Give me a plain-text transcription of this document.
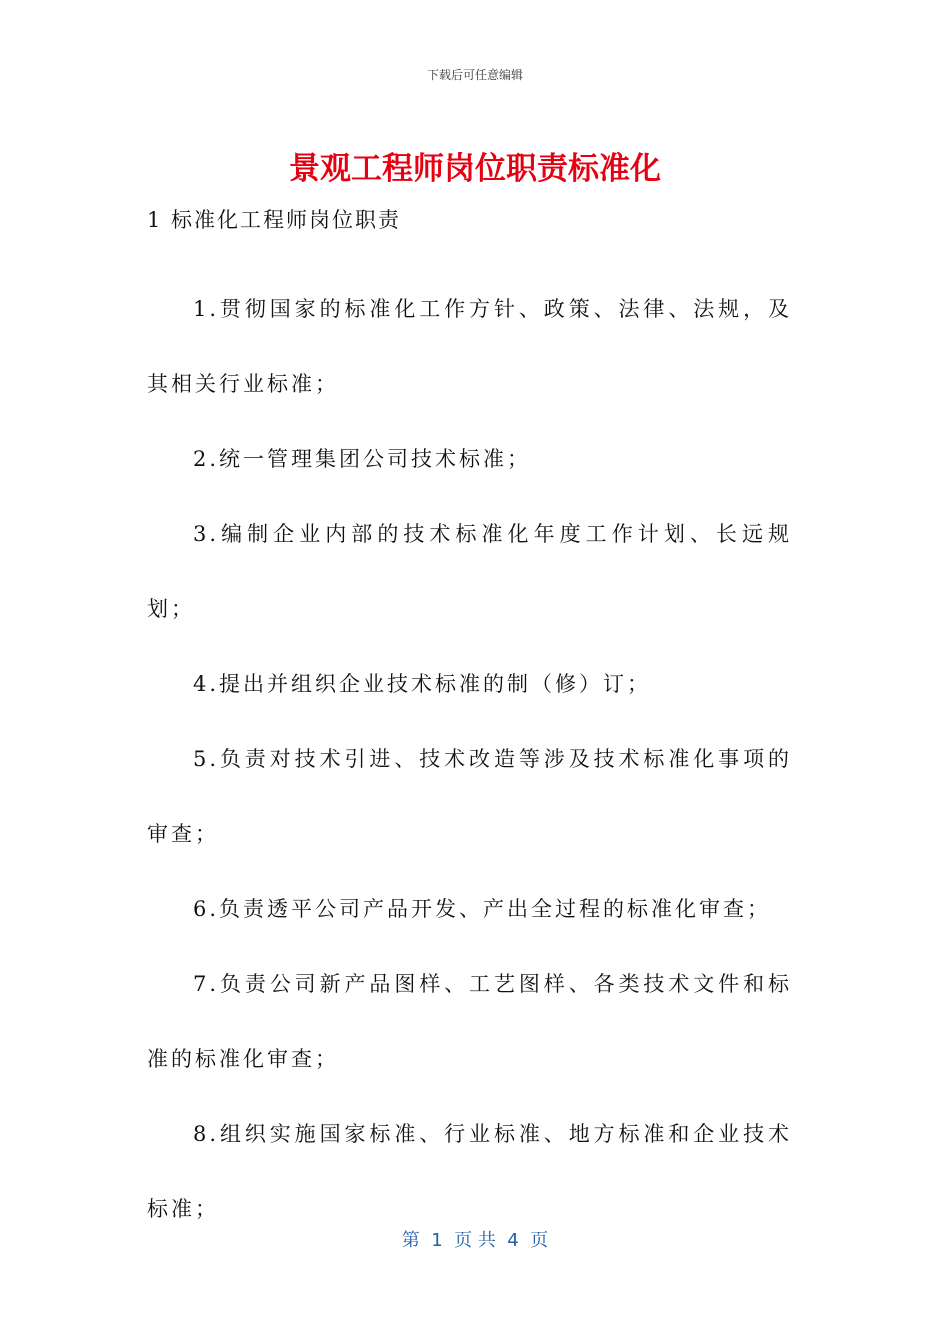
下载后可任意编辑
景观工程师岗位职责标准化
1 标准化工程师岗位职责

1.贯彻国家的标准化工作方针、政策、法律、法规，及其相关行业标准；

2.统一管理集团公司技术标准；

3.编制企业内部的技术标准化年度工作计划、长远规划；

4.提出并组织企业技术标准的制（修）订；

5.负责对技术引进、技术改造等涉及技术标准化事项的审查；

6.负责透平公司产品开发、产出全过程的标准化审查；

7.负责公司新产品图样、工艺图样、各类技术文件和标准的标准化审查；

8.组织实施国家标准、行业标准、地方标准和企业技术标准；

第  1  页 共  4  页
